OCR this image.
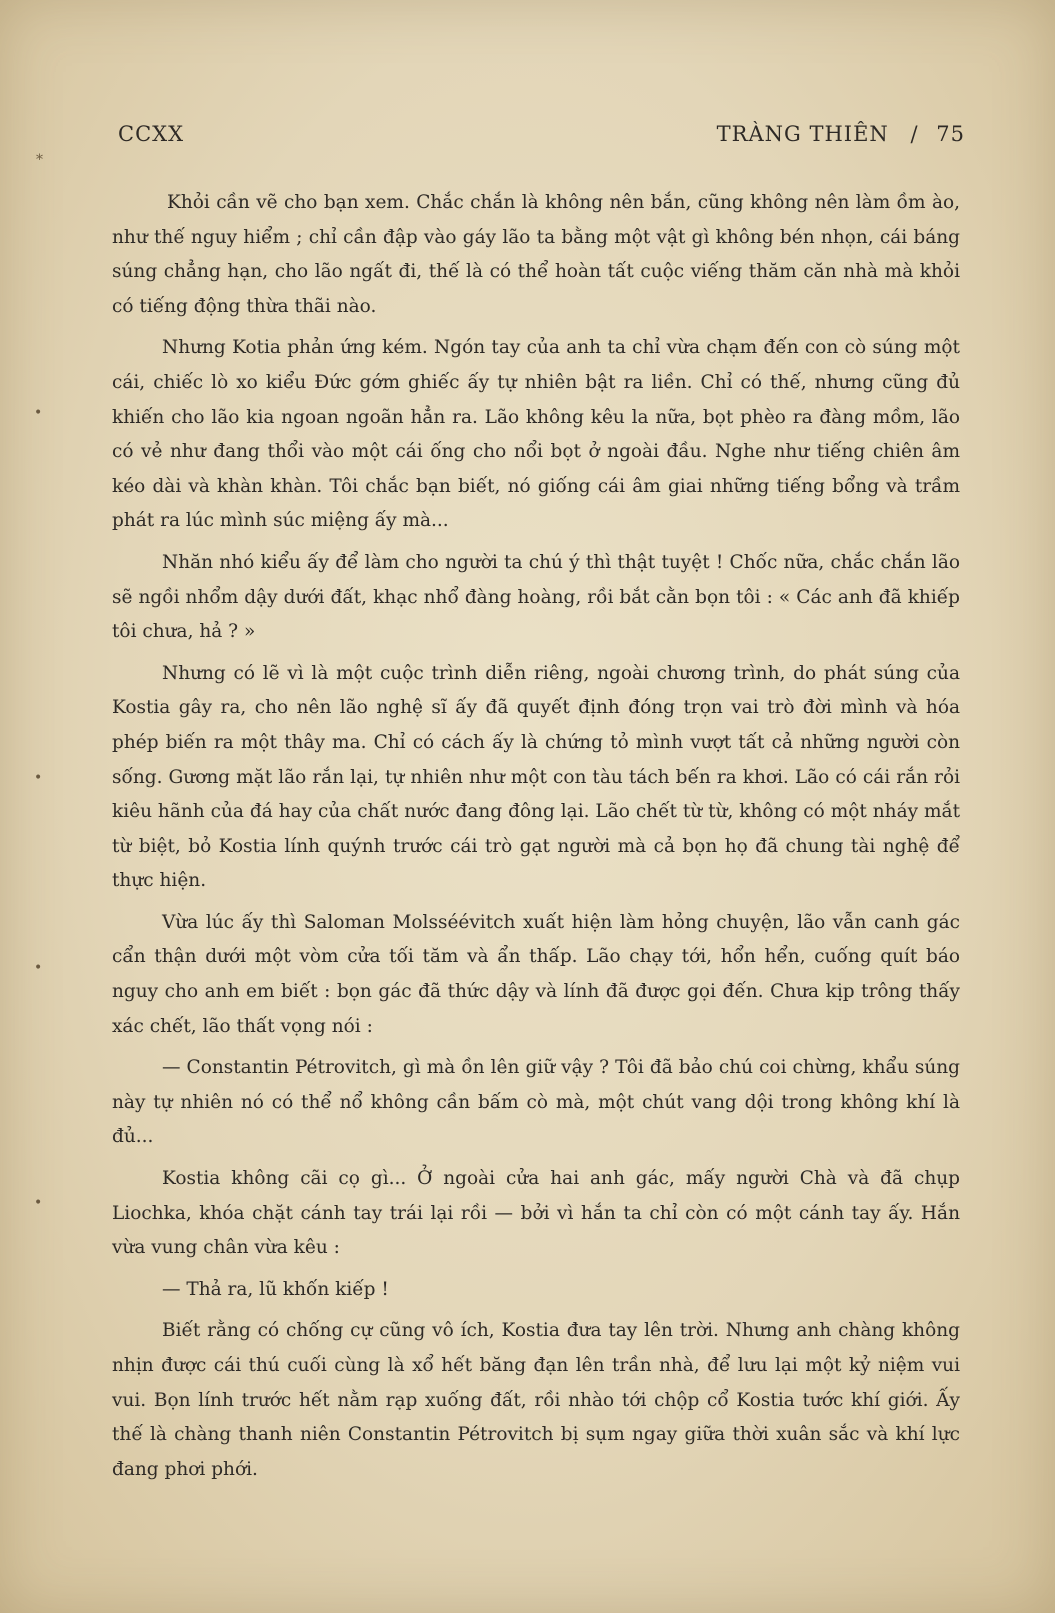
CCXX	TRÀNG THIÊN / 75

Khỏi cần vẽ cho bạn xem. Chắc chắn là không nên bắn, cũng không nên làm ồm ào, như thế nguy hiểm ; chỉ cần đập vào gáy lão ta bằng một vật gì không bén nhọn, cái báng súng chẳng hạn, cho lão ngất đi, thế là có thể hoàn tất cuộc viếng thăm căn nhà mà khỏi có tiếng động thừa thãi nào.

Nhưng Kotia phản ứng kém. Ngón tay của anh ta chỉ vừa chạm đến con cò súng một cái, chiếc lò xo kiểu Đức gớm ghiếc ấy tự nhiên bật ra liền. Chỉ có thế, nhưng cũng đủ khiến cho lão kia ngoan ngoãn hẳn ra. Lão không kêu la nữa, bọt phèo ra đàng mồm, lão có vẻ như đang thổi vào một cái ống cho nổi bọt ở ngoài đầu. Nghe như tiếng chiên âm kéo dài và khàn khàn. Tôi chắc bạn biết, nó giống cái âm giai những tiếng bổng và trầm phát ra lúc mình súc miệng ấy mà...

Nhăn nhó kiểu ấy để làm cho người ta chú ý thì thật tuyệt ! Chốc nữa, chắc chắn lão sẽ ngồi nhổm dậy dưới đất, khạc nhổ đàng hoàng, rồi bắt cằn bọn tôi : « Các anh đã khiếp tôi chưa, hả ? »

Nhưng có lẽ vì là một cuộc trình diễn riêng, ngoài chương trình, do phát súng của Kostia gây ra, cho nên lão nghệ sĩ ấy đã quyết định đóng trọn vai trò đời mình và hóa phép biến ra một thây ma. Chỉ có cách ấy là chứng tỏ mình vượt tất cả những người còn sống. Gương mặt lão rắn lại, tự nhiên như một con tàu tách bến ra khơi. Lão có cái rắn rỏi kiêu hãnh của đá hay của chất nước đang đông lại. Lão chết từ từ, không có một nháy mắt từ biệt, bỏ Kostia lính quýnh trước cái trò gạt người mà cả bọn họ đã chung tài nghệ để thực hiện.

Vừa lúc ấy thì Saloman Molsséévitch xuất hiện làm hỏng chuyện, lão vẫn canh gác cẩn thận dưới một vòm cửa tối tăm và ẩn thấp. Lão chạy tới, hổn hển, cuống quít báo nguy cho anh em biết : bọn gác đã thức dậy và lính đã được gọi đến. Chưa kịp trông thấy xác chết, lão thất vọng nói :

— Constantin Pétrovitch, gì mà ồn lên giữ vậy ? Tôi đã bảo chú coi chừng, khẩu súng này tự nhiên nó có thể nổ không cần bấm cò mà, một chút vang dội trong không khí là đủ...

Kostia không cãi cọ gì... Ở ngoài cửa hai anh gác, mấy người Chà và đã chụp Liochka, khóa chặt cánh tay trái lại rồi — bởi vì hắn ta chỉ còn có một cánh tay ấy. Hắn vừa vung chân vừa kêu :

— Thả ra, lũ khốn kiếp !

Biết rằng có chống cự cũng vô ích, Kostia đưa tay lên trời. Nhưng anh chàng không nhịn được cái thú cuối cùng là xổ hết băng đạn lên trần nhà, để lưu lại một kỷ niệm vui vui. Bọn lính trước hết nằm rạp xuống đất, rồi nhào tới chộp cổ Kostia tước khí giới. Ấy thế là chàng thanh niên Constantin Pétrovitch bị sụm ngay giữa thời xuân sắc và khí lực đang phơi phới.

*
•
•
•
•
